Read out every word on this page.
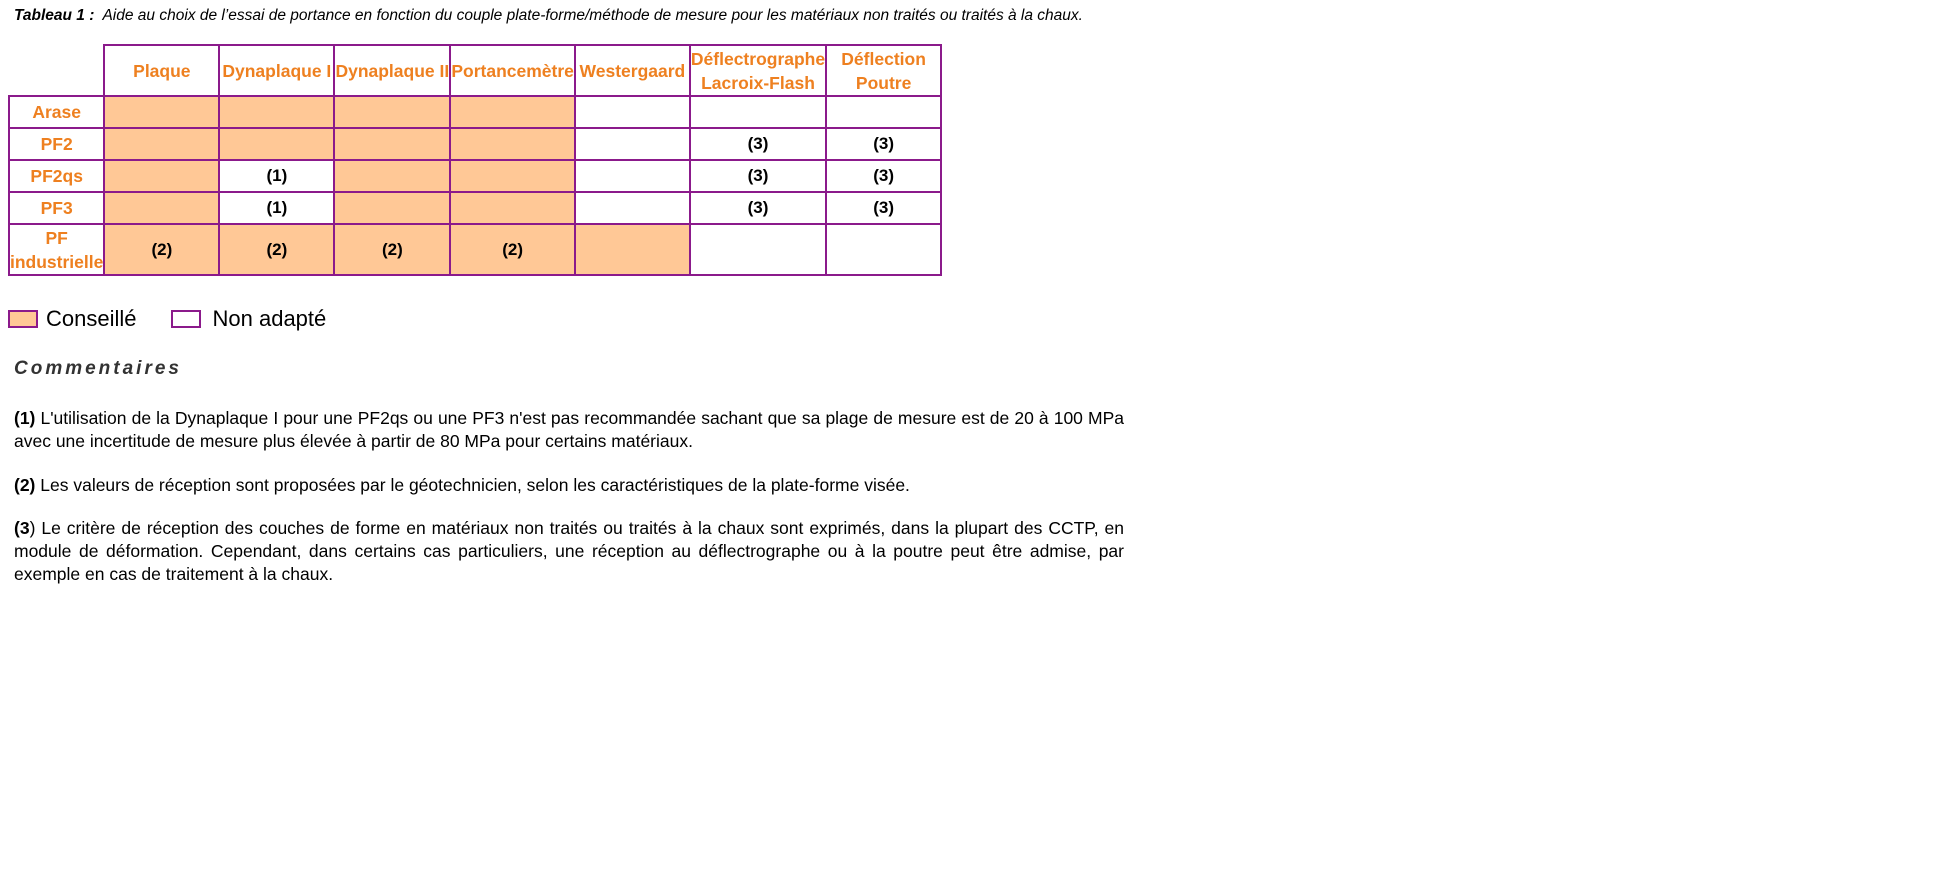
Tableau 1 : Aide au choix de l’essai de portance en fonction du couple plate-forme/méthode de mesure pour les matériaux non traités ou traités à la chaux.
	Plaque	Dynaplaque I	Dynaplaque II	Portancemètre	Westergaard	Déflectrographe Lacroix-Flash	Déflection Poutre
Arase							
PF2						(3)	(3)
PF2qs		(1)				(3)	(3)
PF3		(1)				(3)	(3)
PF industrielle	(2)	(2)	(2)	(2)			
Conseillé	Non adapté
Commentaires
(1) L'utilisation de la Dynaplaque I pour une PF2qs ou une PF3 n'est pas recommandée sachant que sa plage de mesure est de 20 à 100 MPa avec une incertitude de mesure plus élevée à partir de 80 MPa pour certains matériaux.
(2) Les valeurs de réception sont proposées par le géotechnicien, selon les caractéristiques de la plate-forme visée.
(3) Le critère de réception des couches de forme en matériaux non traités ou traités à la chaux sont exprimés, dans la plupart des CCTP, en module de déformation. Cependant, dans certains cas particuliers, une réception au déflectrographe ou à la poutre peut être admise, par exemple en cas de traitement à la chaux.
